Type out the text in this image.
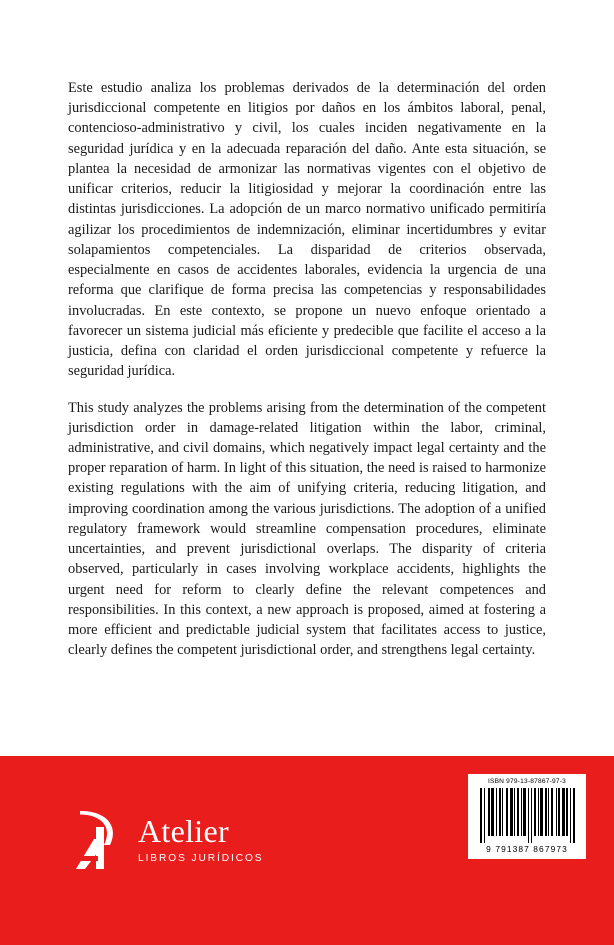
Este estudio analiza los problemas derivados de la determinación del orden jurisdiccional competente en litigios por daños en los ámbitos laboral, penal, contencioso-administrativo y civil, los cuales inciden negativamente en la seguridad jurídica y en la adecuada reparación del daño. Ante esta situación, se plantea la necesidad de armonizar las normativas vigentes con el objetivo de unificar criterios, reducir la litigiosidad y mejorar la coordinación entre las distintas jurisdicciones. La adopción de un marco normativo unificado permitiría agilizar los procedimientos de indemnización, eliminar incertidumbres y evitar solapamientos competenciales. La disparidad de criterios observada, especialmente en casos de accidentes laborales, evidencia la urgencia de una reforma que clarifique de forma precisa las competencias y responsabilidades involucradas. En este contexto, se propone un nuevo enfoque orientado a favorecer un sistema judicial más eficiente y predecible que facilite el acceso a la justicia, defina con claridad el orden jurisdiccional competente y refuerce la seguridad jurídica.

This study analyzes the problems arising from the determination of the competent jurisdiction order in damage-related litigation within the labor, criminal, administrative, and civil domains, which negatively impact legal certainty and the proper reparation of harm. In light of this situation, the need is raised to harmonize existing regulations with the aim of unifying criteria, reducing litigation, and improving coordination among the various jurisdictions. The adoption of a unified regulatory framework would streamline compensation procedures, eliminate uncertainties, and prevent jurisdictional overlaps. The disparity of criteria observed, particularly in cases involving workplace accidents, highlights the urgent need for reform to clearly define the relevant competences and responsibilities. In this context, a new approach is proposed, aimed at fostering a more efficient and predictable judicial system that facilitates access to justice, clearly defines the competent jurisdictional order, and strengthens legal certainty.

Atelier
LIBROS JURÍDICOS
ISBN 979-13-87867-97-3
9 791387 867973
